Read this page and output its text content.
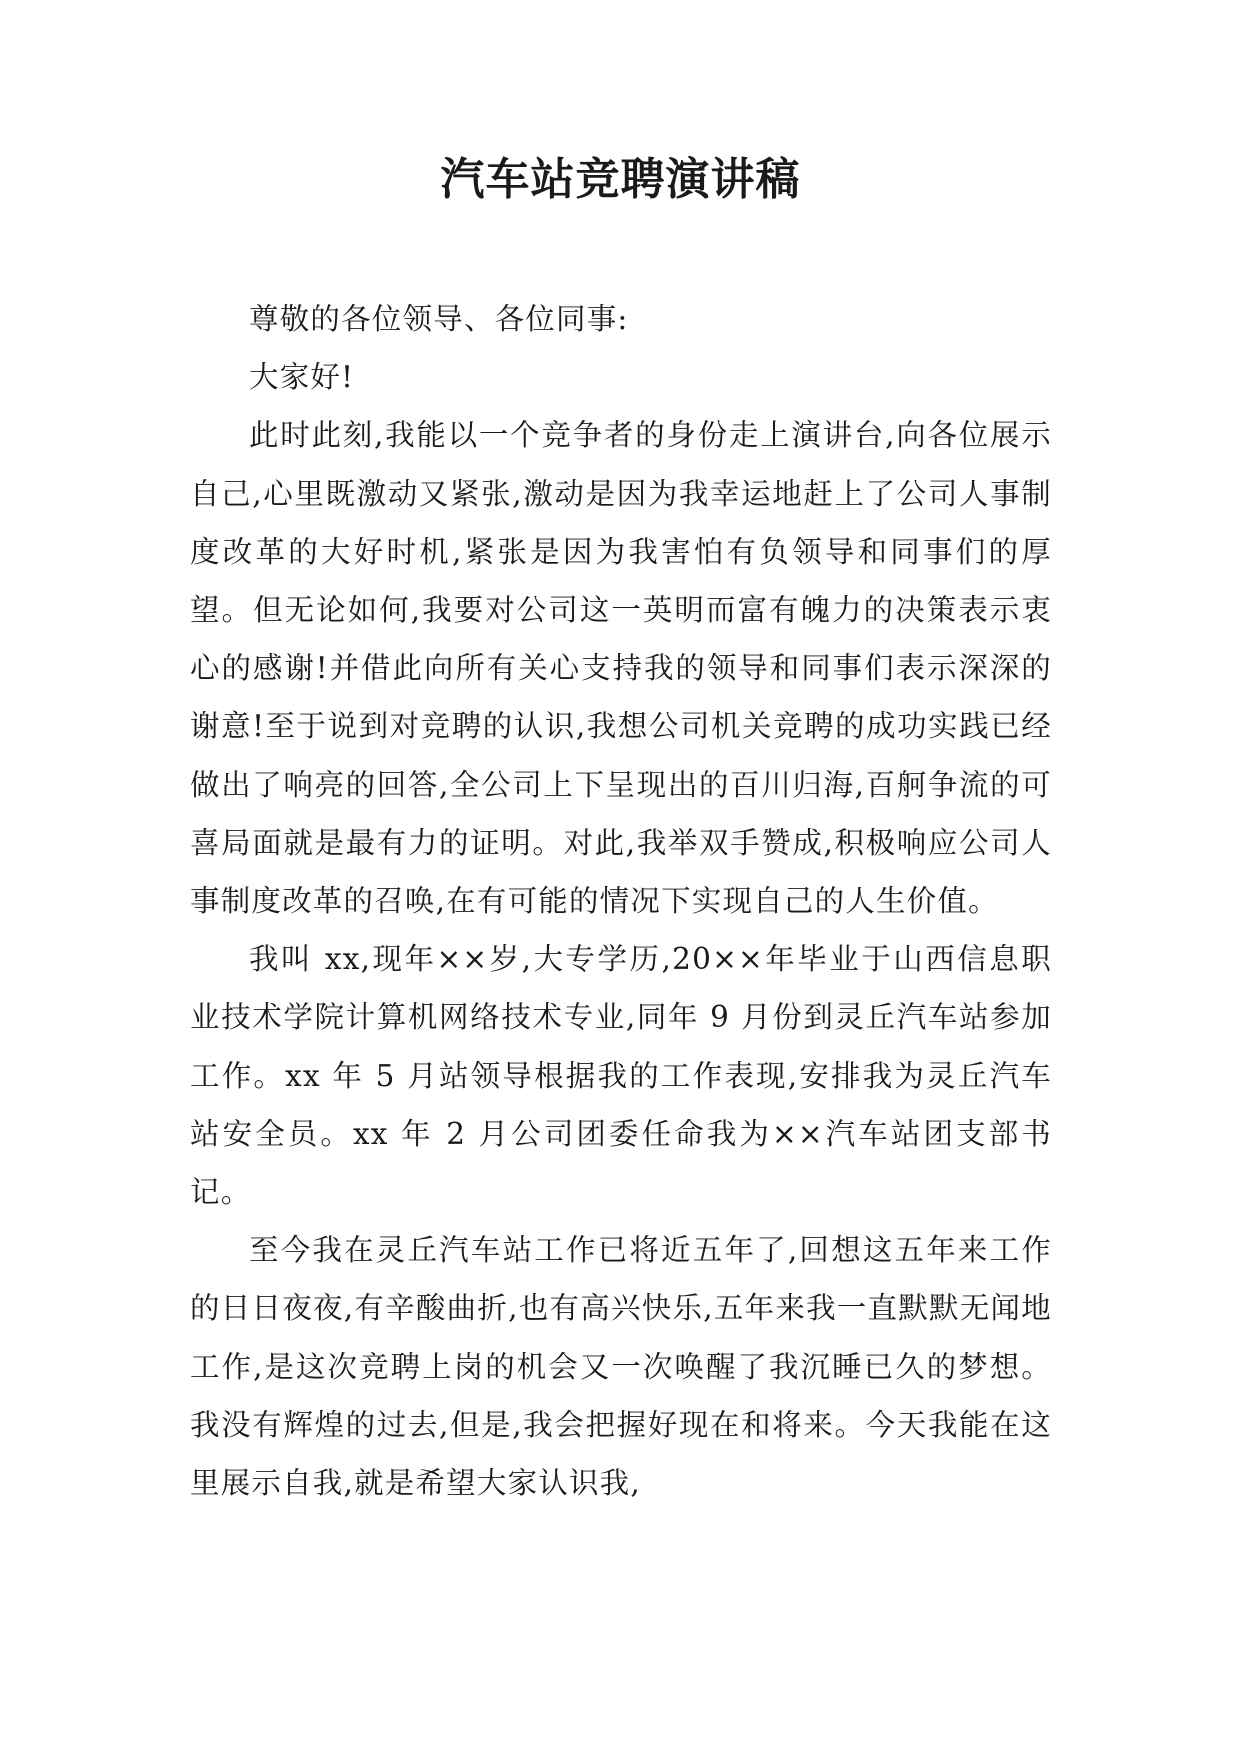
汽车站竞聘演讲稿

尊敬的各位领导、各位同事:

大家好!

此时此刻,我能以一个竞争者的身份走上演讲台,向各位展示自己,心里既激动又紧张,激动是因为我幸运地赶上了公司人事制度改革的大好时机,紧张是因为我害怕有负领导和同事们的厚望。但无论如何,我要对公司这一英明而富有魄力的决策表示衷心的感谢!并借此向所有关心支持我的领导和同事们表示深深的谢意!至于说到对竞聘的认识,我想公司机关竞聘的成功实践已经做出了响亮的回答,全公司上下呈现出的百川归海,百舸争流的可喜局面就是最有力的证明。对此,我举双手赞成,积极响应公司人事制度改革的召唤,在有可能的情况下实现自己的人生价值。

我叫 xx,现年××岁,大专学历,20××年毕业于山西信息职业技术学院计算机网络技术专业,同年 9 月份到灵丘汽车站参加工作。xx 年 5 月站领导根据我的工作表现,安排我为灵丘汽车站安全员。xx 年 2 月公司团委任命我为××汽车站团支部书记。

至今我在灵丘汽车站工作已将近五年了,回想这五年来工作的日日夜夜,有辛酸曲折,也有高兴快乐,五年来我一直默默无闻地工作,是这次竞聘上岗的机会又一次唤醒了我沉睡已久的梦想。我没有辉煌的过去,但是,我会把握好现在和将来。今天我能在这里展示自我,就是希望大家认识我,
